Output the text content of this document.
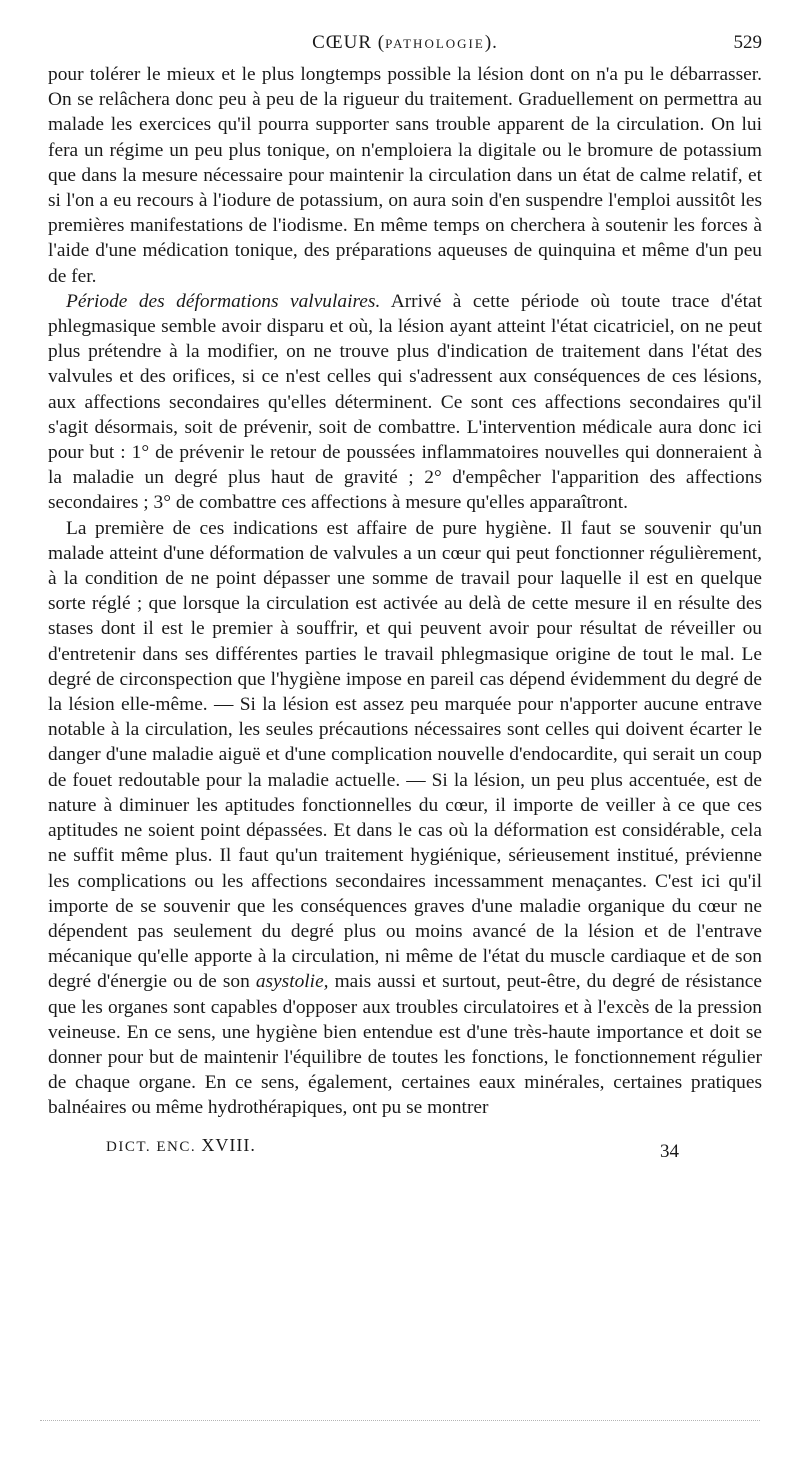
CŒUR (PATHOLOGIE).	529

pour tolérer le mieux et le plus longtemps possible la lésion dont on n'a pu le débarrasser. On se relâchera donc peu à peu de la rigueur du traitement. Graduellement on permettra au malade les exercices qu'il pourra supporter sans trouble apparent de la circulation. On lui fera un régime un peu plus tonique, on n'emploiera la digitale ou le bromure de potassium que dans la mesure nécessaire pour maintenir la circulation dans un état de calme relatif, et si l'on a eu recours à l'iodure de potassium, on aura soin d'en suspendre l'emploi aussitôt les premières manifestations de l'iodisme. En même temps on cherchera à soutenir les forces à l'aide d'une médication tonique, des préparations aqueuses de quinquina et même d'un peu de fer.

Période des déformations valvulaires. Arrivé à cette période où toute trace d'état phlegmasique semble avoir disparu et où, la lésion ayant atteint l'état cicatriciel, on ne peut plus prétendre à la modifier, on ne trouve plus d'indication de traitement dans l'état des valvules et des orifices, si ce n'est celles qui s'adressent aux conséquences de ces lésions, aux affections secondaires qu'elles déterminent. Ce sont ces affections secondaires qu'il s'agit désormais, soit de prévenir, soit de combattre. L'intervention médicale aura donc ici pour but : 1° de prévenir le retour de poussées inflammatoires nouvelles qui donneraient à la maladie un degré plus haut de gravité ; 2° d'empêcher l'apparition des affections secondaires ; 3° de combattre ces affections à mesure qu'elles apparaîtront.

La première de ces indications est affaire de pure hygiène. Il faut se souvenir qu'un malade atteint d'une déformation de valvules a un cœur qui peut fonctionner régulièrement, à la condition de ne point dépasser une somme de travail pour laquelle il est en quelque sorte réglé ; que lorsque la circulation est activée au delà de cette mesure il en résulte des stases dont il est le premier à souffrir, et qui peuvent avoir pour résultat de réveiller ou d'entretenir dans ses différentes parties le travail phlegmasique origine de tout le mal. Le degré de circonspection que l'hygiène impose en pareil cas dépend évidemment du degré de la lésion elle-même. — Si la lésion est assez peu marquée pour n'apporter aucune entrave notable à la circulation, les seules précautions nécessaires sont celles qui doivent écarter le danger d'une maladie aiguë et d'une complication nouvelle d'endocardite, qui serait un coup de fouet redoutable pour la maladie actuelle. — Si la lésion, un peu plus accentuée, est de nature à diminuer les aptitudes fonctionnelles du cœur, il importe de veiller à ce que ces aptitudes ne soient point dépassées. Et dans le cas où la déformation est considérable, cela ne suffit même plus. Il faut qu'un traitement hygiénique, sérieusement institué, prévienne les complications ou les affections secondaires incessamment menaçantes. C'est ici qu'il importe de se souvenir que les conséquences graves d'une maladie organique du cœur ne dépendent pas seulement du degré plus ou moins avancé de la lésion et de l'entrave mécanique qu'elle apporte à la circulation, ni même de l'état du muscle cardiaque et de son degré d'énergie ou de son asystolie, mais aussi et surtout, peut-être, du degré de résistance que les organes sont capables d'opposer aux troubles circulatoires et à l'excès de la pression veineuse. En ce sens, une hygiène bien entendue est d'une très-haute importance et doit se donner pour but de maintenir l'équilibre de toutes les fonctions, le fonctionnement régulier de chaque organe. En ce sens, également, certaines eaux minérales, certaines pratiques balnéaires ou même hydrothérapiques, ont pu se montrer

DICT. ENC. XVIII.	34
